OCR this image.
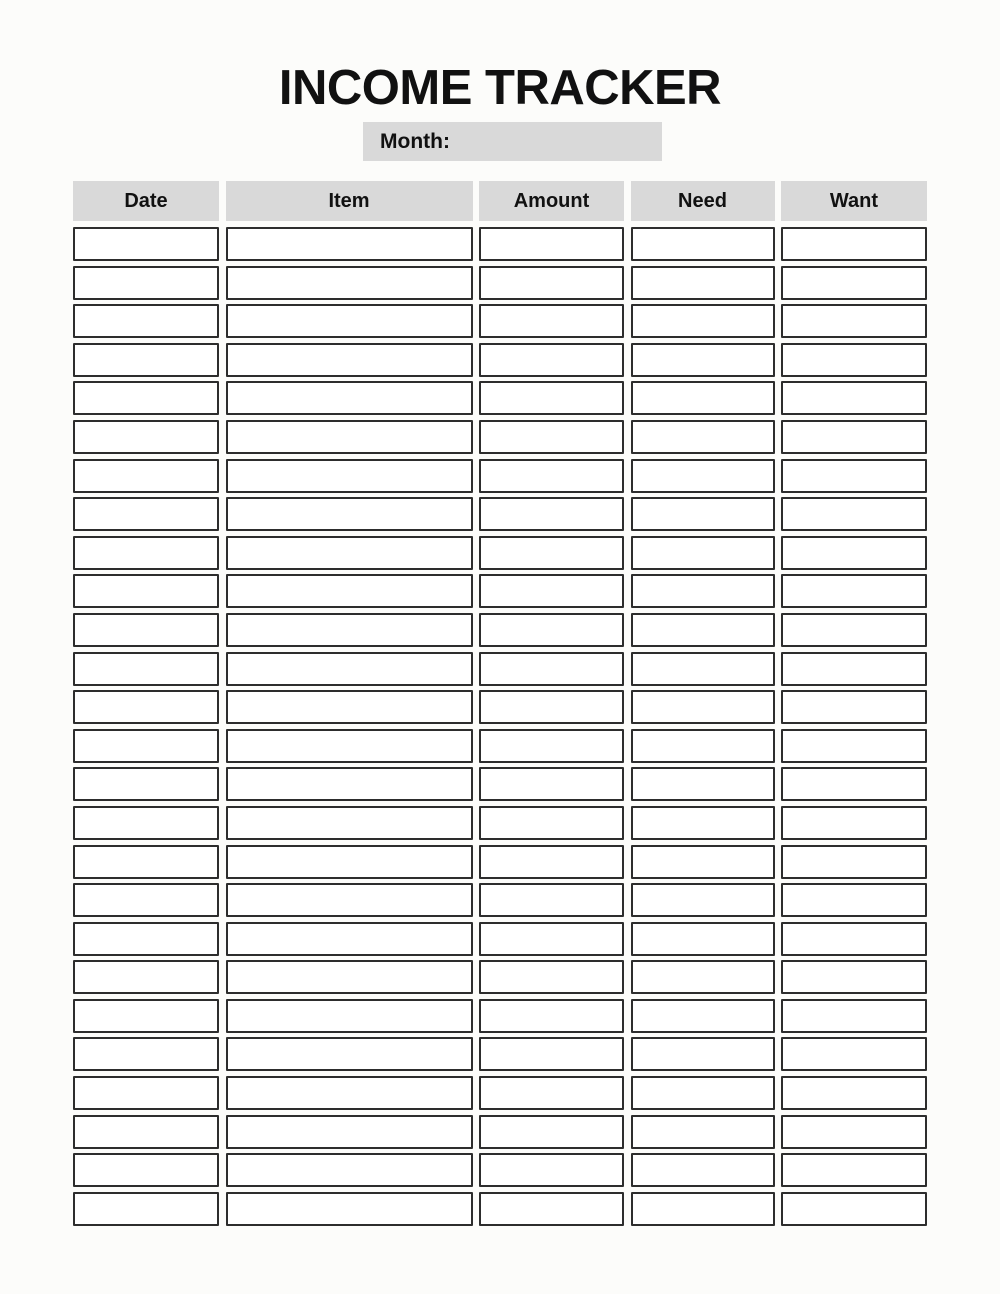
INCOME TRACKER
Month:
Date	Item	Amount	Need	Want
